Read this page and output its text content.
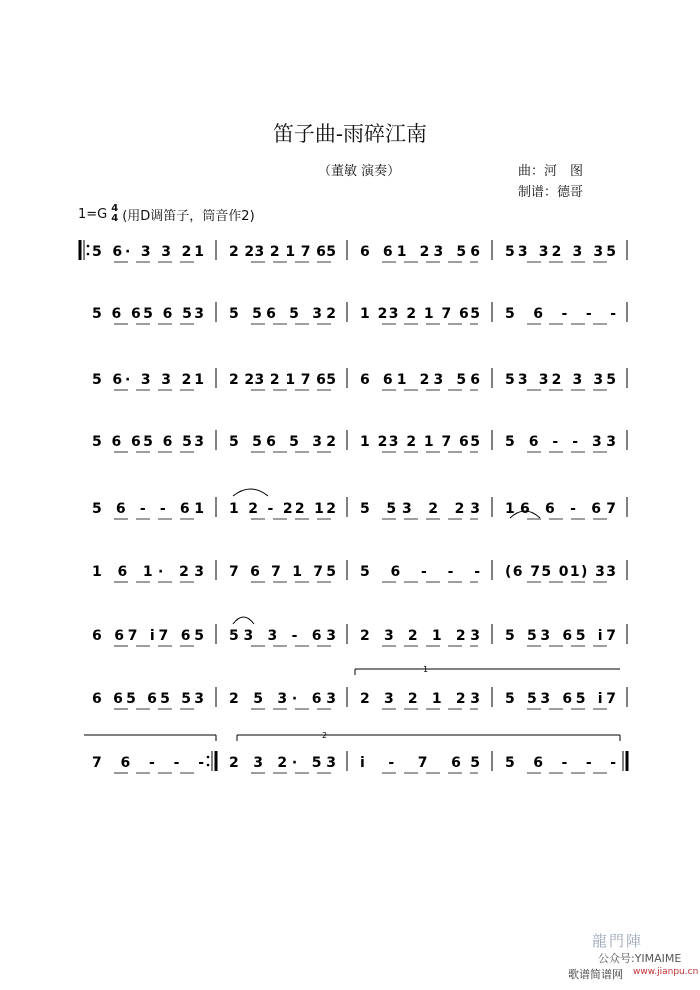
笛子曲-雨碎江南
（董敏 演奏）	曲：河　图
制谱：德哥
1=G 4
4 (用D调笛子，筒音作2)
5 6· 3 3 21 2 23 2 1 7 65 6 61 23 56 53 32 3 35
5 6 65 6 53 5 56 5 32 1 23 2 1 7 65 5 6 - - -
5 6· 3 3 21 2 23 2 1 7 65 6 61 23 56 53 32 3 35
5 6 65 6 53 5 56 5 32 1 23 2 1 7 65 5 6 - - 33
5 6 - - 61 1 2 - 22 12 5 53 2 23 16 6 - 67
1 6 1· 23 7 6 7 1 75 5 6 - - - (6 75 01) 33
6 67 i7 65 53 3 - 63 2 3 2 1 23 5 53 65 i7
6 65 65 53 2 5 3· 63 2 3 2 1 23 5 53 65 i7
7 6 - - - 2 3 2· 53 i - 7 65 5 6 - - -
1
2
龍門陣
公众号:YIMAIME
歌谱简谱网 www.jianpu.cn
